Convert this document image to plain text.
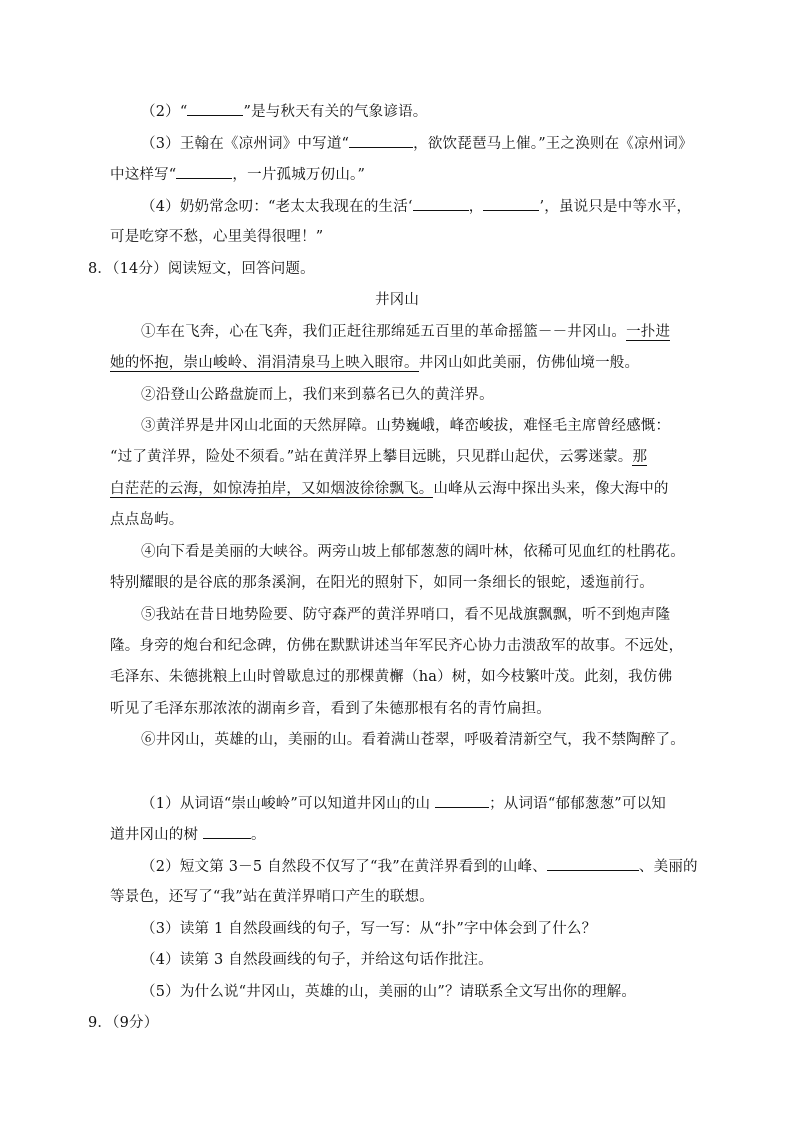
（2）“	”是与秋天有关的气象谚语。
（3）王翰在《凉州词》中写道“	，欲饮琵琶马上催。”王之涣则在《凉州词》
中这样写“	，一片孤城万仞山。”
（4）奶奶常念叨：“老太太我现在的生活‘	，	’，虽说只是中等水平，
可是吃穿不愁，心里美得很哩！”
8．（14分）阅读短文，回答问题。
井冈山
①车在飞奔，心在飞奔，我们正赶往那绵延五百里的革命摇篮－－井冈山。一扑进
她的怀抱，崇山峻岭、涓涓清泉马上映入眼帘。井冈山如此美丽，仿佛仙境一般。
②沿登山公路盘旋而上，我们来到慕名已久的黄洋界。
③黄洋界是井冈山北面的天然屏障。山势巍峨，峰峦峻拔，难怪毛主席曾经感慨：
“过了黄洋界，险处不须看。”站在黄洋界上攀目远眺，只见群山起伏，云雾迷蒙。那
白茫茫的云海，如惊涛拍岸，又如烟波徐徐飘飞。山峰从云海中探出头来，像大海中的
点点岛屿。
④向下看是美丽的大峡谷。两旁山坡上郁郁葱葱的阔叶林，依稀可见血红的杜鹃花。
特别耀眼的是谷底的那条溪涧，在阳光的照射下，如同一条细长的银蛇，逶迤前行。
⑤我站在昔日地势险要、防守森严的黄洋界哨口，看不见战旗飘飘，听不到炮声隆
隆。身旁的炮台和纪念碑，仿佛在默默讲述当年军民齐心协力击溃敌军的故事。不远处，
毛泽东、朱德挑粮上山时曾歇息过的那棵黄檞（ha）树，如今枝繁叶茂。此刻，我仿佛
听见了毛泽东那浓浓的湖南乡音，看到了朱德那根有名的青竹扁担。
⑥井冈山，英雄的山，美丽的山。看着满山苍翠，呼吸着清新空气，我不禁陶醉了。
（1）从词语“崇山峻岭”可以知道井冈山的山	；从词语“郁郁葱葱”可以知
道井冈山的树	。
（2）短文第 3－5 自然段不仅写了“我”在黄洋界看到的山峰、	、美丽的
等景色，还写了“我”站在黄洋界哨口产生的联想。
（3）读第 1 自然段画线的句子，写一写：从“扑”字中体会到了什么？
（4）读第 3 自然段画线的句子，并给这句话作批注。
（5）为什么说“井冈山，英雄的山，美丽的山”？请联系全文写出你的理解。
9．（9分）
